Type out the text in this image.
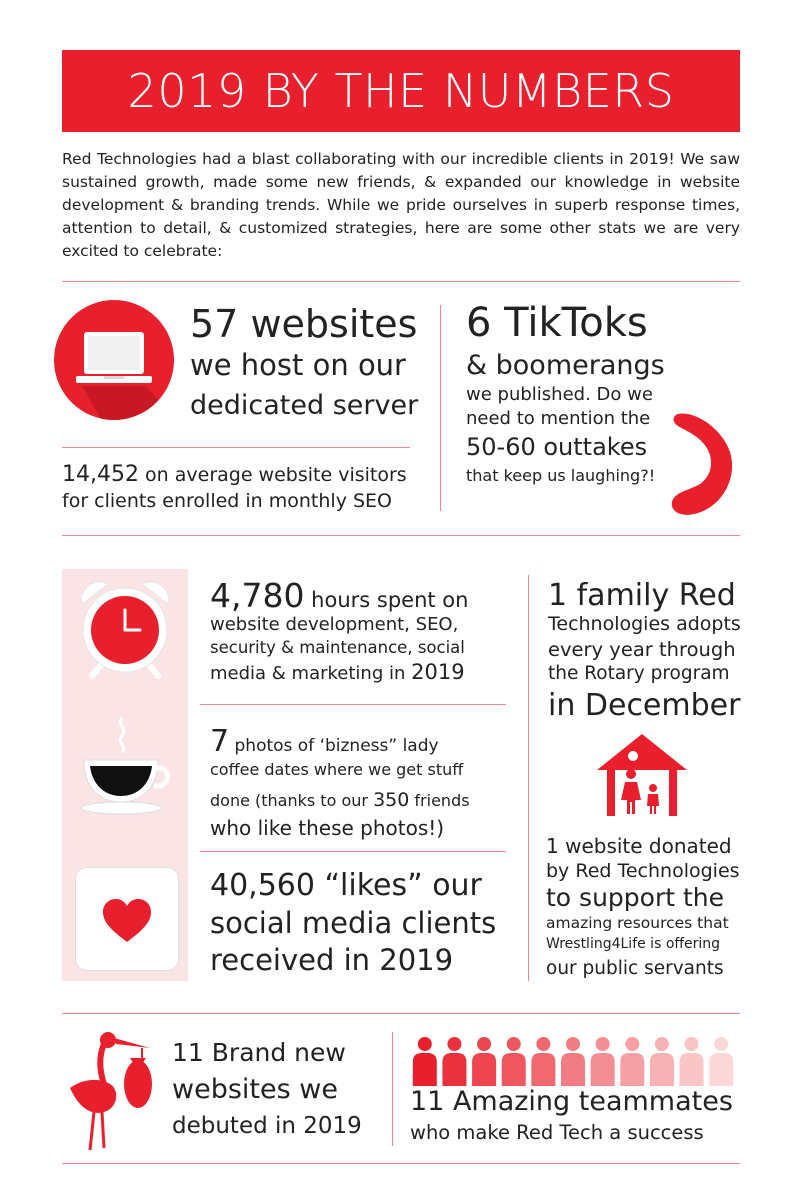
2019 BY THE NUMBERS
Red Technologies had a blast collaborating with our incredible clients in 2019! We saw sustained growth, made some new friends, & expanded our knowledge in website development & branding trends. While we pride ourselves in superb response times, attention to detail, & customized strategies, here are some other stats we are very excited to celebrate:
57 websites
we host on our
dedicated server
14,452 on average website visitors
for clients enrolled in monthly SEO
6 TikToks
& boomerangs
we published. Do we
need to mention the
50-60 outtakes
that keep us laughing?!
4,780 hours spent on
website development, SEO,
security & maintenance, social
media & marketing in 2019
7 photos of ‘bizness” lady
coffee dates where we get stuff
done (thanks to our 350 friends
who like these photos!)
40,560 “likes” our
social media clients
received in 2019
1 family Red
Technologies adopts
every year through
the Rotary program
in December
1 website donated
by Red Technologies
to support the
amazing resources that
Wrestling4Life is offering
our public servants
11 Brand new
websites we
debuted in 2019
11 Amazing teammates
who make Red Tech a success
